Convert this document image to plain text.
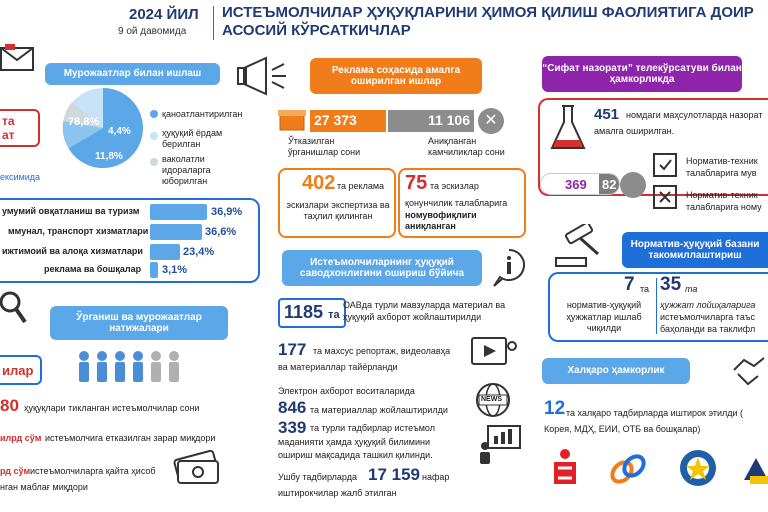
2024 ЙИЛ
9 ой давомида
ИСТЕЪМОЛЧИЛАР ҲУҚУҚЛАРИНИ ҲИМОЯ ҚИЛИШ ФАОЛИЯТИГА ДОИР
АСОСИЙ КЎРСАТКИЧЛАР
Мурожаатлар билан ишлаш
та
ат
ексимида
78,8%
4,4%
11,8%
қаноатлантирилган
ҳуқуқий ёрдам берилган
ваколатли идораларга юборилган
умумий овқатланиш ва туризм	36,9%
ммунал, транспорт хизматлари	36,6%
ижтимоий ва алоқа хизматлари	23,4%
реклама ва бошқалар 3,1%
Ўрганиш ва мурожаатлар натижалари
илар
80 ҳуқуқлари тикланган истеъмолчилар сони
илрд сўм истеъмолчига етказилган зарар миқдори
рд сўм истеъмолчиларга қайта ҳисоб
нган маблағ миқдори
Реклама соҳасида амалга оширилган ишлар
27 373	11 106 ✕
Ўтказилган ўрганишлар сони
Аниқланган камчиликлар сони
402 та реклама
эскизлари экспертиза ва таҳлил қилинган
75 та эскизлар
қонунчилик талабларига
номувофиқлиги аниқланган
Истеъмолчиларнинг ҳуқуқий саводхонлигини ошириш бўйича
1185 та
ОАВда турли мавзуларда материал ва ҳуқуқий ахборот жойлаштирилди
177 та махсус репортаж, видеолавҳа
ва материаллар тайёрланди
Электрон ахборот воситаларида
846 та материаллар жойлаштирилди
NEWS
339 та турли тадбирлар истеъмол
маданияти ҳамда ҳуқуқий билимини
ошириш мақсадида ташкил қилинди.
Ушбу тадбирларда 17 159 нафар
иштирокчилар жалб этилган
“Сифат назорати” телекўрсатуви билан ҳамкорликда
451 номдаги маҳсулотларда назорат
амалга оширилган.
369	82
Норматив-техник
талабларига мув
Норматив-техник
талабларига ному
Норматив-ҳуқуқий базани такомиллаштириш
7 та
норматив-ҳуқуқий ҳужжатлар ишлаб чиқилди
35 та
ҳужжат лойиҳаларига
истеъмолчиларга таъс
баҳоланди ва таклифл
Халқаро ҳамкорлик
12 та халқаро тадбирларда иштирок этилди (
Корея, МДҲ, ЕИИ, ОТБ ва бошқалар)
